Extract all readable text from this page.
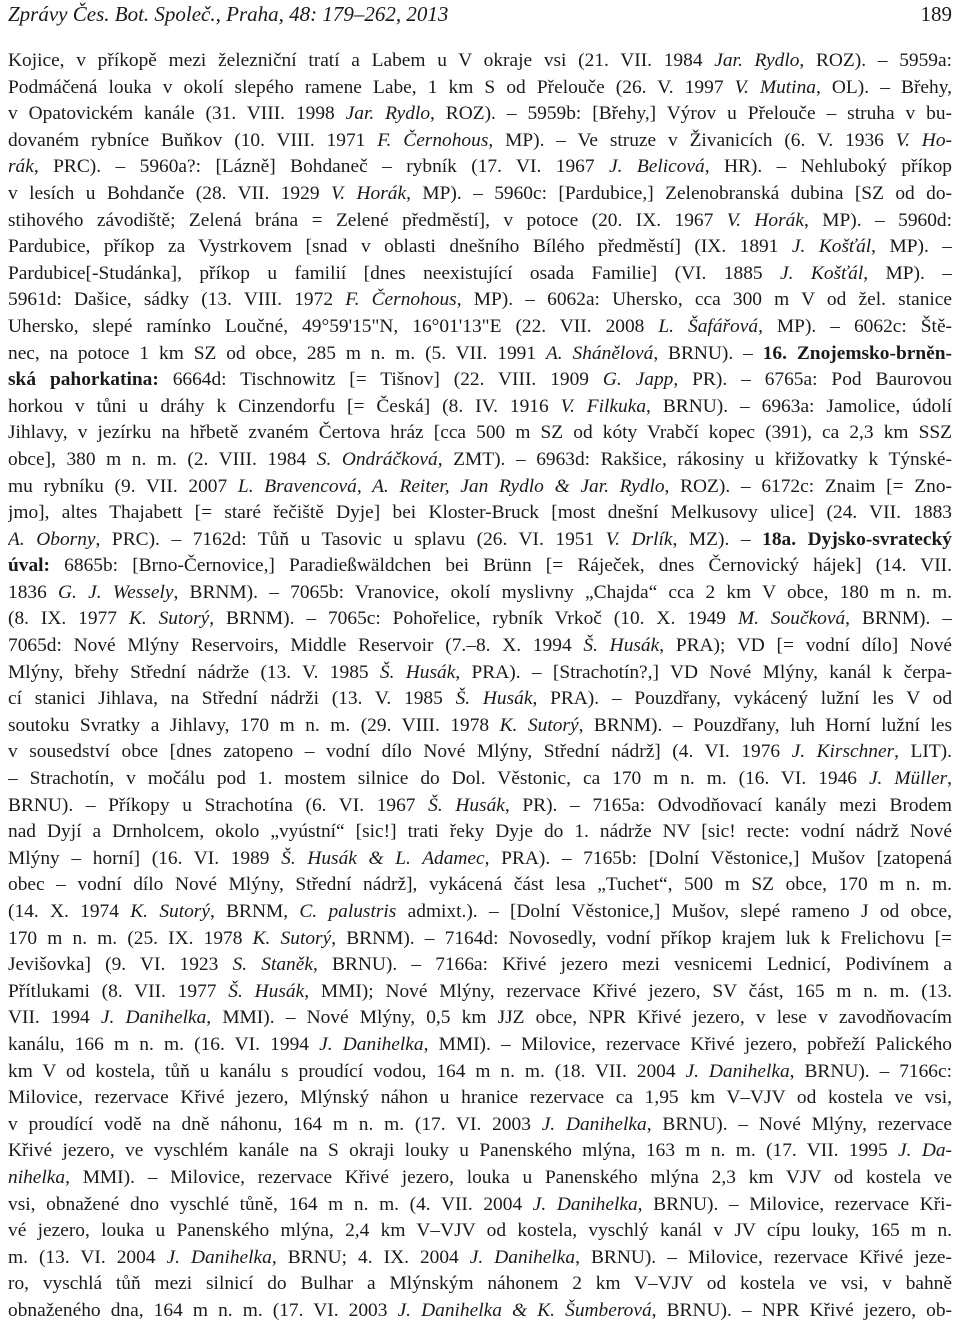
Zprávy Čes. Bot. Společ., Praha, 48: 179–262, 2013	189
Kojice, v příkopě mezi železniční tratí a Labem u V okraje vsi (21. VII. 1984 Jar. Rydlo, ROZ). – 5959a:
Podmáčená louka v okolí slepého ramene Labe, 1 km S od Přelouče (26. V. 1997 V. Mutina, OL). – Břehy,
v Opatovickém kanále (31. VIII. 1998 Jar. Rydlo, ROZ). – 5959b: [Břehy,] Výrov u Přelouče – struha v bu-
dovaném rybníce Buňkov (10. VIII. 1971 F. Černohous, MP). – Ve struze v Živanicích (6. V. 1936 V. Ho-
rák, PRC). – 5960a?: [Lázně] Bohdaneč – rybník (17. VI. 1967 J. Belicová, HR). – Nehluboký příkop
v lesích u Bohdanče (28. VII. 1929 V. Horák, MP). – 5960c: [Pardubice,] Zelenobranská dubina [SZ od do-
stihového závodiště; Zelená brána = Zelené předměstí], v potoce (20. IX. 1967 V. Horák, MP). – 5960d:
Pardubice, příkop za Vystrkovem [snad v oblasti dnešního Bílého předměstí] (IX. 1891 J. Košťál, MP). –
Pardubice[-Studánka], příkop u familií [dnes neexistující osada Familie] (VI. 1885 J. Košťál, MP). –
5961d: Dašice, sádky (13. VIII. 1972 F. Černohous, MP). – 6062a: Uhersko, cca 300 m V od žel. stanice
Uhersko, slepé ramínko Loučné, 49°59'15"N, 16°01'13"E (22. VII. 2008 L. Šafářová, MP). – 6062c: Ště-
nec, na potoce 1 km SZ od obce, 285 m n. m. (5. VII. 1991 A. Shánělová, BRNU). – 16. Znojemsko-brněn-
ská pahorkatina: 6664d: Tischnowitz [= Tišnov] (22. VIII. 1909 G. Japp, PR). – 6765a: Pod Baurovou
horkou v tůni u dráhy k Cinzendorfu [= Česká] (8. IV. 1916 V. Filkuka, BRNU). – 6963a: Jamolice, údolí
Jihlavy, v jezírku na hřbetě zvaném Čertova hráz [cca 500 m SZ od kóty Vrabčí kopec (391), ca 2,3 km SSZ
obce], 380 m n. m. (2. VIII. 1984 S. Ondráčková, ZMT). – 6963d: Rakšice, rákosiny u křižovatky k Týnské-
mu rybníku (9. VII. 2007 L. Bravencová, A. Reiter, Jan Rydlo & Jar. Rydlo, ROZ). – 6172c: Znaim [= Zno-
jmo], altes Thajabett [= staré řečiště Dyje] bei Kloster-Bruck [most dnešní Melkusovy ulice] (24. VII. 1883
A. Oborny, PRC). – 7162d: Tůň u Tasovic u splavu (26. VI. 1951 V. Drlík, MZ). – 18a. Dyjsko-svratecký
úval: 6865b: [Brno-Černovice,] Paradießwäldchen bei Brünn [= Ráječek, dnes Černovický hájek] (14. VII.
1836 G. J. Wessely, BRNM). – 7065b: Vranovice, okolí myslivny „Chajda“ cca 2 km V obce, 180 m n. m.
(8. IX. 1977 K. Sutorý, BRNM). – 7065c: Pohořelice, rybník Vrkoč (10. X. 1949 M. Součková, BRNM). –
7065d: Nové Mlýny Reservoirs, Middle Reservoir (7.–8. X. 1994 Š. Husák, PRA); VD [= vodní dílo] Nové
Mlýny, břehy Střední nádrže (13. V. 1985 Š. Husák, PRA). – [Strachotín?,] VD Nové Mlýny, kanál k čerpa-
cí stanici Jihlava, na Střední nádrži (13. V. 1985 Š. Husák, PRA). – Pouzdřany, vykácený lužní les V od
soutoku Svratky a Jihlavy, 170 m n. m. (29. VIII. 1978 K. Sutorý, BRNM). – Pouzdřany, luh Horní lužní les
v sousedství obce [dnes zatopeno – vodní dílo Nové Mlýny, Střední nádrž] (4. VI. 1976 J. Kirschner, LIT).
– Strachotín, v močálu pod 1. mostem silnice do Dol. Věstonic, ca 170 m n. m. (16. VI. 1946 J. Müller,
BRNU). – Příkopy u Strachotína (6. VI. 1967 Š. Husák, PR). – 7165a: Odvodňovací kanály mezi Brodem
nad Dyjí a Drnholcem, okolo „vyústní“ [sic!] trati řeky Dyje do 1. nádrže NV [sic! recte: vodní nádrž Nové
Mlýny – horní] (16. VI. 1989 Š. Husák & L. Adamec, PRA). – 7165b: [Dolní Věstonice,] Mušov [zatopená
obec – vodní dílo Nové Mlýny, Střední nádrž], vykácená část lesa „Tuchet“, 500 m SZ obce, 170 m n. m.
(14. X. 1974 K. Sutorý, BRNM, C. palustris admixt.). – [Dolní Věstonice,] Mušov, slepé rameno J od obce,
170 m n. m. (25. IX. 1978 K. Sutorý, BRNM). – 7164d: Novosedly, vodní příkop krajem luk k Frelichovu [=
Jevišovka] (9. VI. 1923 S. Staněk, BRNU). – 7166a: Křivé jezero mezi vesnicemi Lednicí, Podivínem a
Přítlukami (8. VII. 1977 Š. Husák, MMI); Nové Mlýny, rezervace Křivé jezero, SV část, 165 m n. m. (13.
VII. 1994 J. Danihelka, MMI). – Nové Mlýny, 0,5 km JJZ obce, NPR Křivé jezero, v lese v zavodňovacím
kanálu, 166 m n. m. (16. VI. 1994 J. Danihelka, MMI). – Milovice, rezervace Křivé jezero, pobřeží Palického
km V od kostela, tůň u kanálu s proudící vodou, 164 m n. m. (18. VII. 2004 J. Danihelka, BRNU). – 7166c:
Milovice, rezervace Křivé jezero, Mlýnský náhon u hranice rezervace ca 1,95 km V–VJV od kostela ve vsi,
v proudící vodě na dně náhonu, 164 m n. m. (17. VI. 2003 J. Danihelka, BRNU). – Nové Mlýny, rezervace
Křivé jezero, ve vyschlém kanále na S okraji louky u Panenského mlýna, 163 m n. m. (17. VII. 1995 J. Da-
nihelka, MMI). – Milovice, rezervace Křivé jezero, louka u Panenského mlýna 2,3 km VJV od kostela ve
vsi, obnažené dno vyschlé tůně, 164 m n. m. (4. VII. 2004 J. Danihelka, BRNU). – Milovice, rezervace Kři-
vé jezero, louka u Panenského mlýna, 2,4 km V–VJV od kostela, vyschlý kanál v JV cípu louky, 165 m n.
m. (13. VI. 2004 J. Danihelka, BRNU; 4. IX. 2004 J. Danihelka, BRNU). – Milovice, rezervace Křivé jeze-
ro, vyschlá tůň mezi silnicí do Bulhar a Mlýnským náhonem 2 km V–VJV od kostela ve vsi, v bahně
obnaženého dna, 164 m n. m. (17. VI. 2003 J. Danihelka & K. Šumberová, BRNU). – NPR Křivé jezero, ob-
